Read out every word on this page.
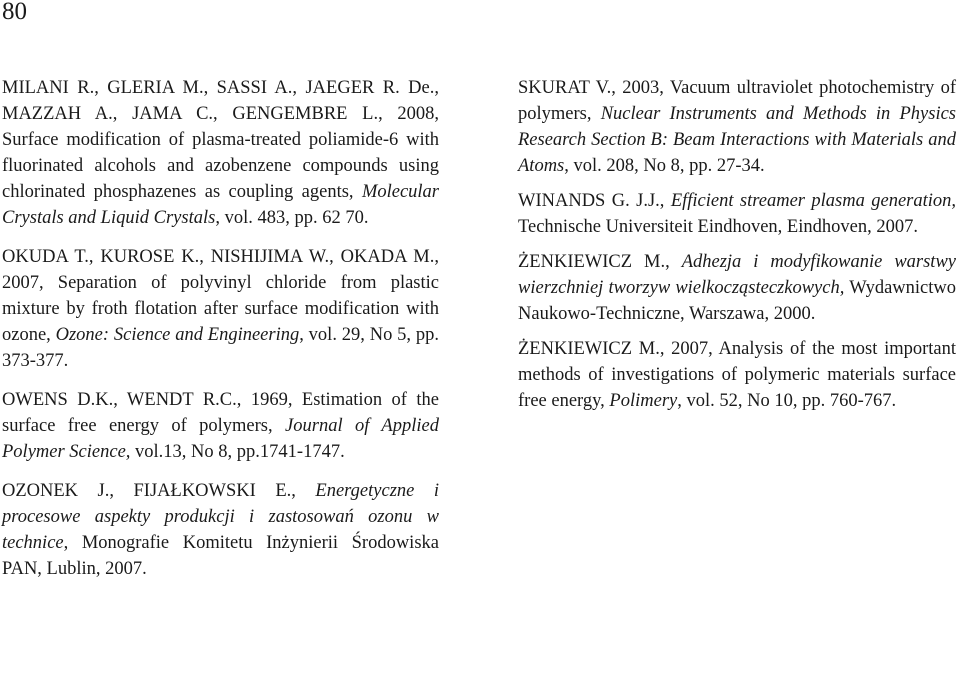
80

MILANI R., GLERIA M., SASSI A., JAEGER R. De., MAZZAH A., JAMA C., GENGEMBRE L., 2008, Surface modification of plasma-treated poliamide-6 with fluorinated alcohols and azobenzene compounds using chlorinated phosphazenes as coupling agents, Molecular Crystals and Liquid Crystals, vol. 483, pp. 62 70.

OKUDA T., KUROSE K., NISHIJIMA W., OKADA M., 2007, Separation of polyvinyl chloride from plastic mixture by froth flotation after surface modification with ozone, Ozone: Science and Engineering, vol. 29, No 5, pp. 373-377.

OWENS D.K., WENDT R.C., 1969, Estimation of the surface free energy of polymers, Journal of Applied Polymer Science, vol.13, No 8, pp.1741-1747.

OZONEK J., FIJAŁKOWSKI E., Energetyczne i procesowe aspekty produkcji i zastosowań ozonu w technice, Monografie Komitetu Inżynierii Środowiska PAN, Lublin, 2007.

SKURAT V., 2003, Vacuum ultraviolet photochemistry of polymers, Nuclear Instruments and Methods in Physics Research Section B: Beam Interactions with Materials and Atoms, vol. 208, No 8, pp. 27-34.

WINANDS G. J.J., Efficient streamer plasma generation, Technische Universiteit Eindhoven, Eindhoven, 2007.

ŻENKIEWICZ M., Adhezja i modyfikowanie warstwy wierzchniej tworzyw wielkocząsteczkowych, Wydawnictwo Naukowo-Techniczne, Warszawa, 2000.

ŻENKIEWICZ M., 2007, Analysis of the most important methods of investigations of polymeric materials surface free energy, Polimery, vol. 52, No 10, pp. 760-767.
